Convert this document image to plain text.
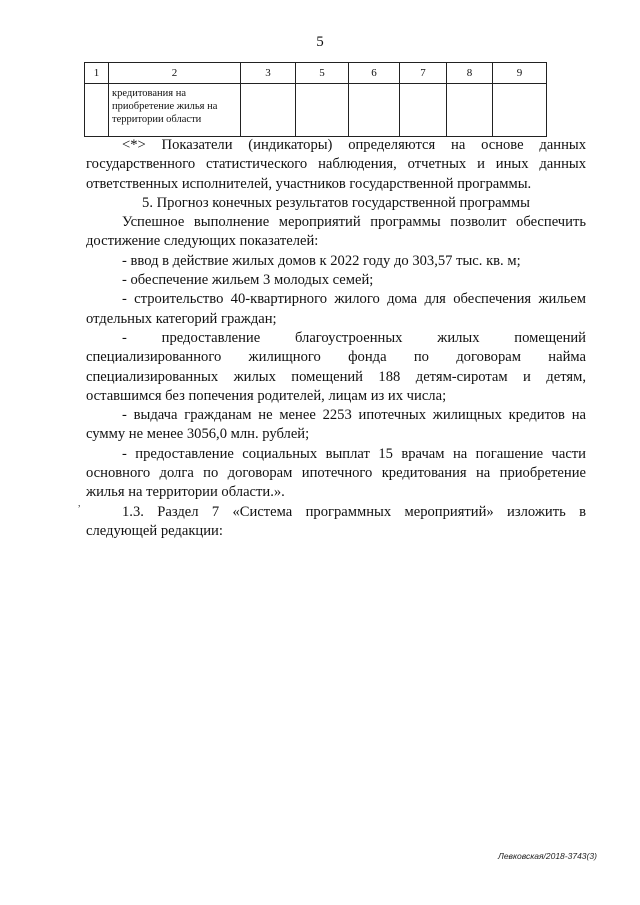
5
1	2	3	5	6	7	8	9

	кредитования на
приобретение жилья на
территории области						

<*> Показатели (индикаторы) определяются на основе данных государственного статистического наблюдения, отчетных и иных данных ответственных исполнителей, участников государственной программы.

5. Прогноз конечных результатов государственной программы

Успешное выполнение мероприятий программы позволит обеспечить достижение следующих показателей:

- ввод в действие жилых домов к 2022 году до 303,57 тыс. кв. м;

- обеспечение жильем 3 молодых семей;

- строительство 40-квартирного жилого дома для обеспечения жильем отдельных категорий граждан;

- предоставление благоустроенных жилых помещений специализированного жилищного фонда по договорам найма специализированных жилых помещений 188 детям-сиротам и детям, оставшимся без попечения родителей, лицам из их числа;

- выдача гражданам не менее 2253 ипотечных жилищных кредитов на сумму не менее 3056,0 млн. рублей;

- предоставление социальных выплат 15 врачам на погашение части основного долга по договорам ипотечного кредитования на приобретение жилья на территории области.».

1.3. Раздел 7 «Система программных мероприятий» изложить в следующей редакции:

,
Левковская/2018-3743(3)
